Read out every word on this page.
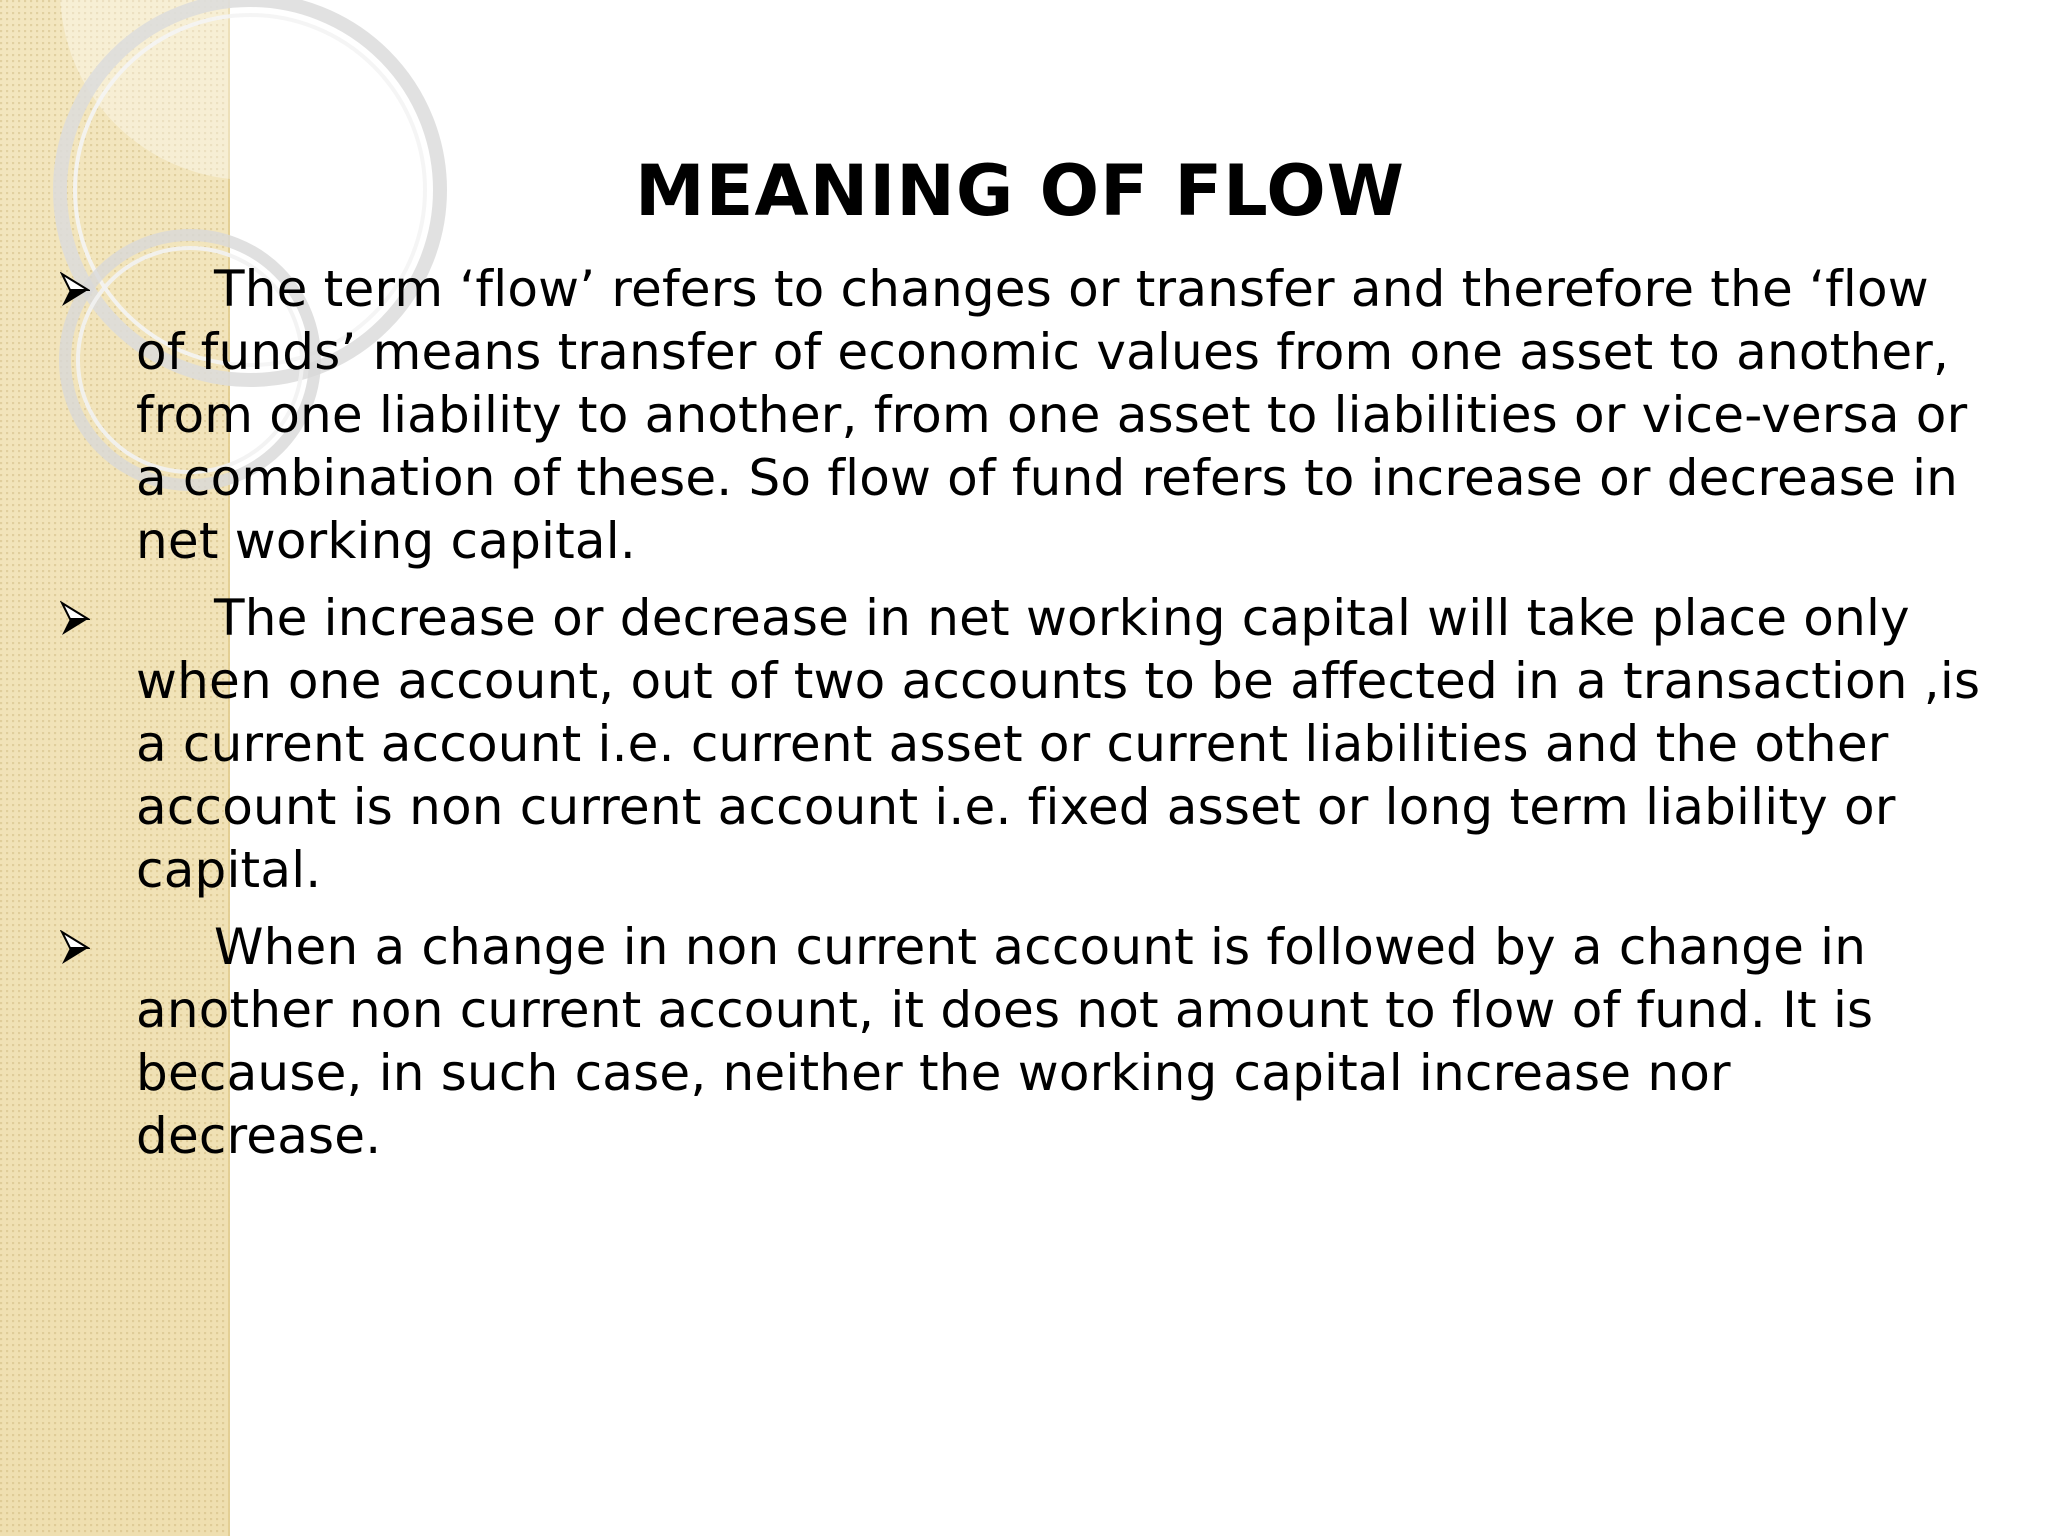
MEANING OF FLOW
The term ‘flow’ refers to changes or transfer and therefore the ‘flow of funds’ means transfer of economic values from one asset to another, from one liability to another, from one asset to liabilities or vice-versa or a combination of these. So flow of fund refers to increase or decrease in net working capital.
The increase or decrease in net working capital will take place only when one account, out of two accounts to be affected in a transaction ,is a current account i.e. current asset or current liabilities and the other account is non current account i.e. fixed asset or long term liability or capital.
When a change in non current account is followed by a change in another non current account, it does not amount to flow of fund. It is because, in such case, neither the working capital increase nor decrease.
